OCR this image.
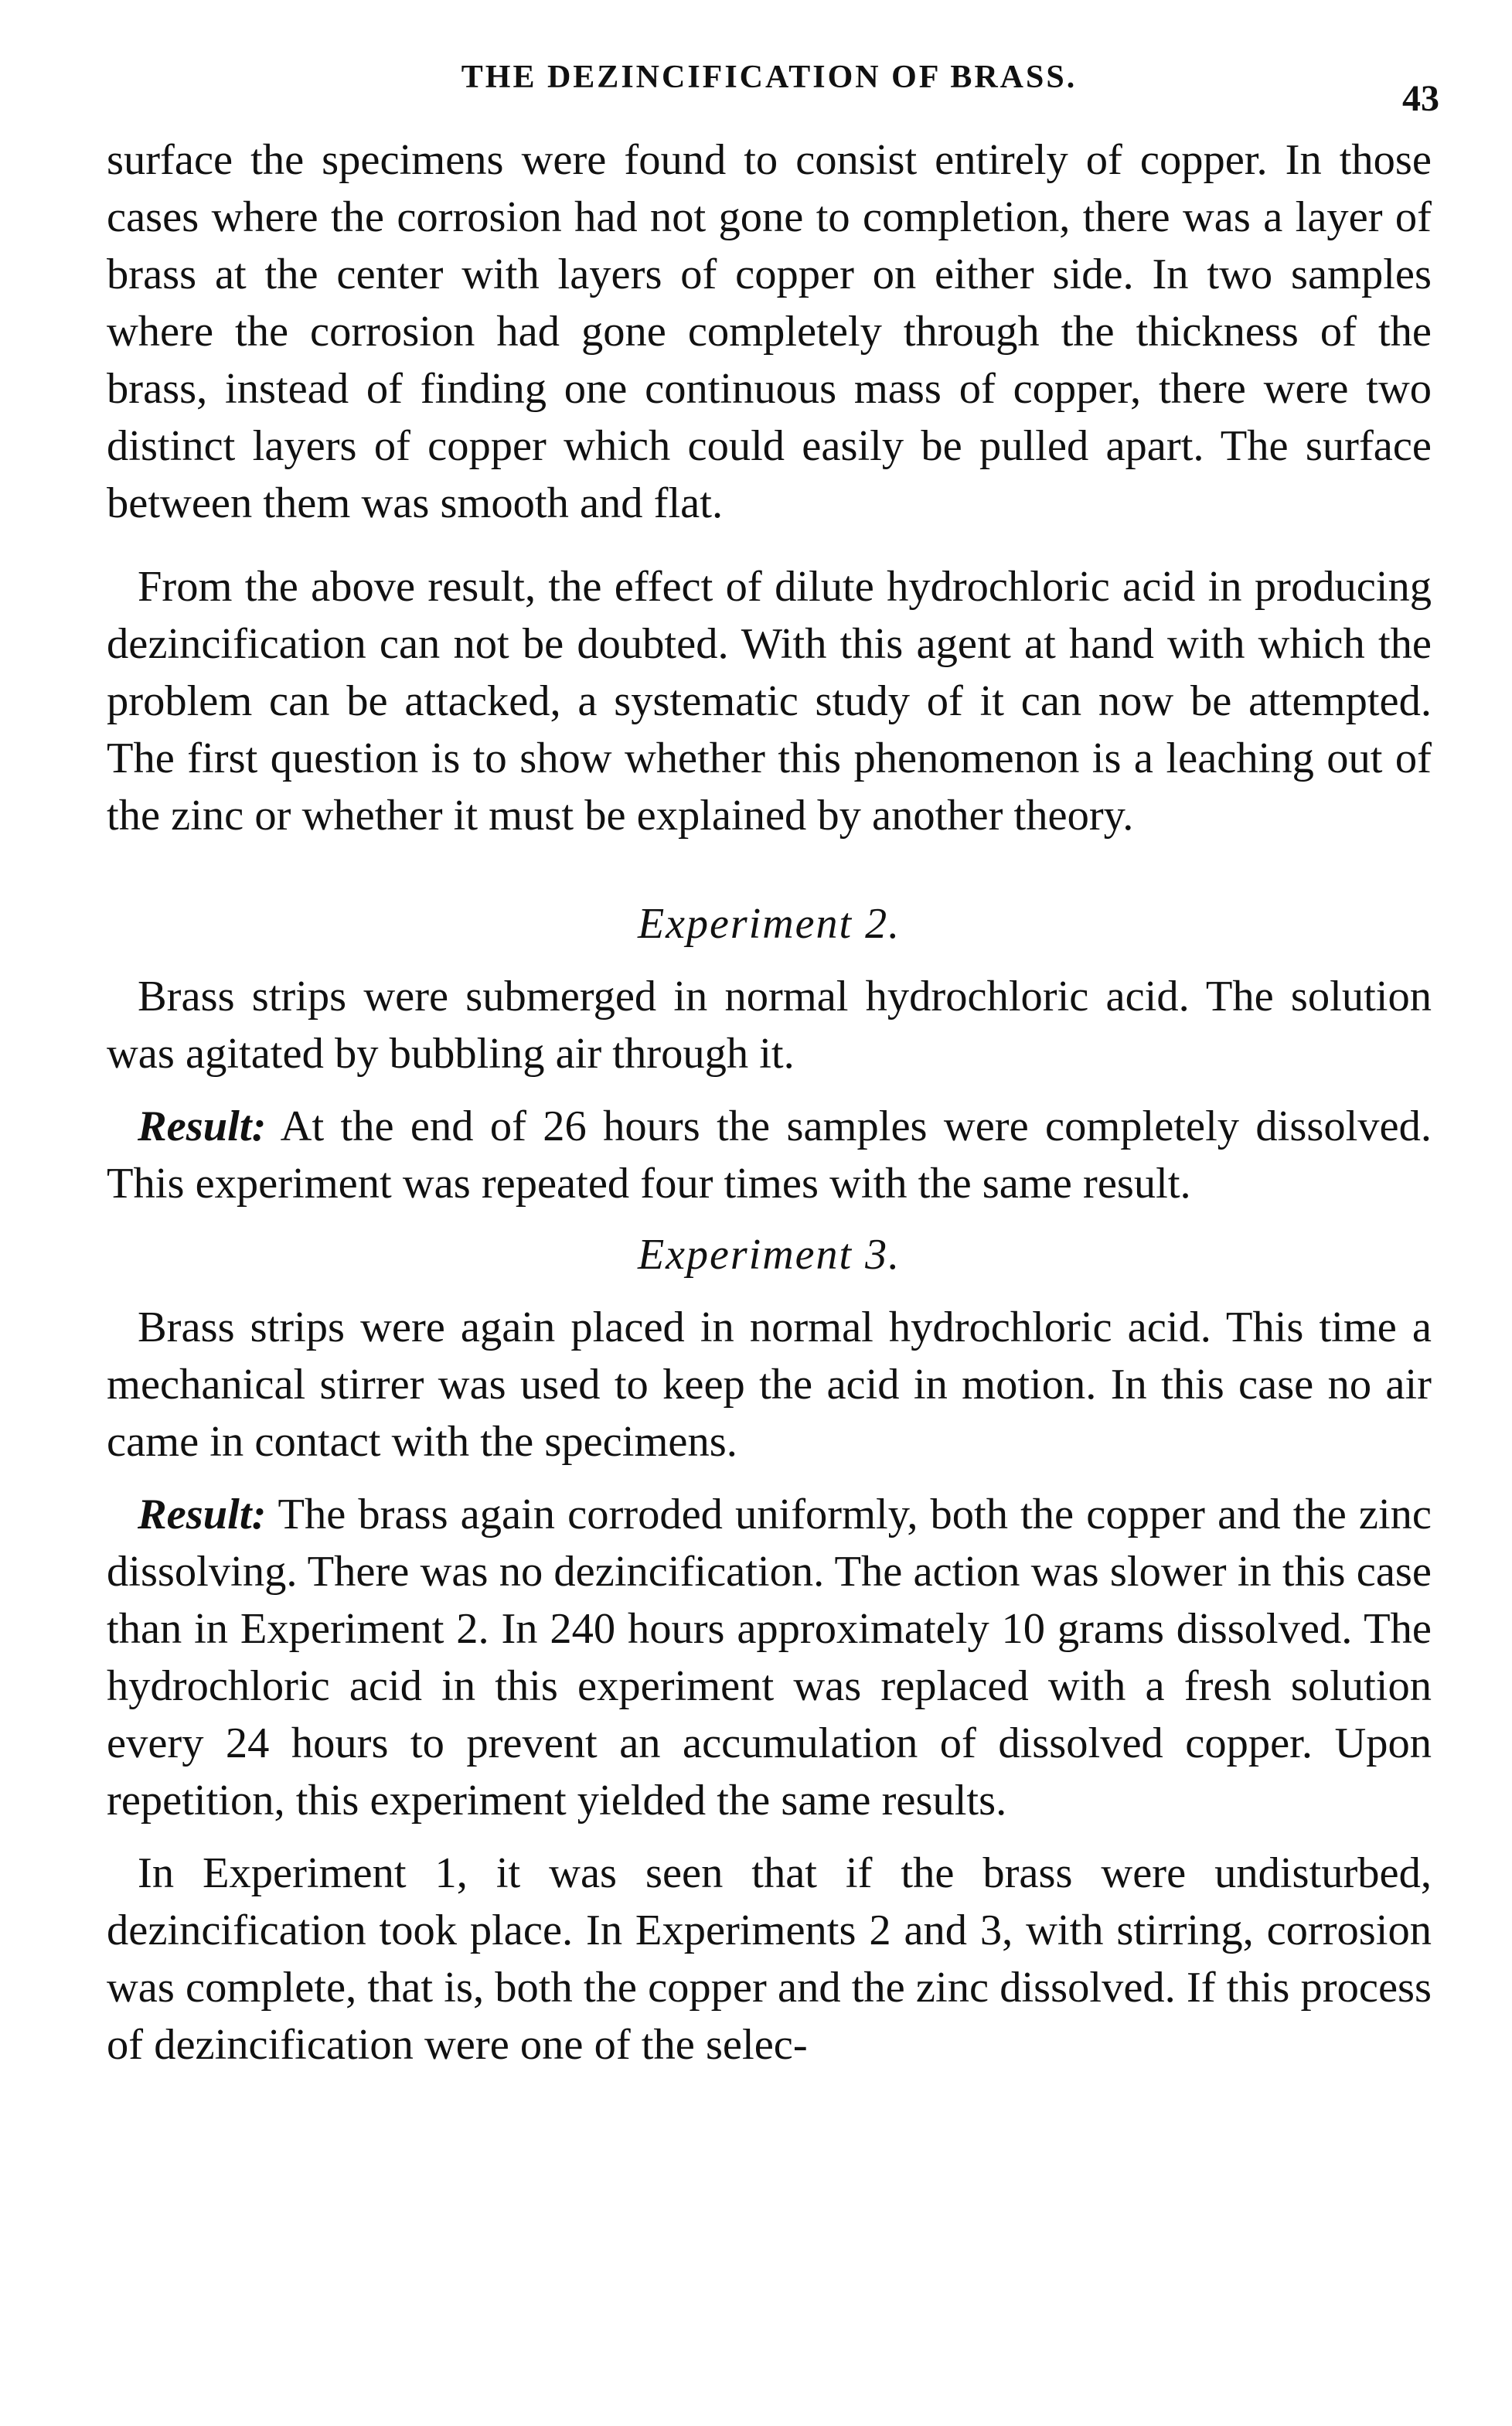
THE DEZINCIFICATION OF BRASS.
43

surface the specimens were found to consist entirely of copper. In those cases where the corrosion had not gone to completion, there was a layer of brass at the center with layers of copper on either side. In two samples where the corrosion had gone completely through the thickness of the brass, instead of finding one continuous mass of copper, there were two distinct layers of copper which could easily be pulled apart. The surface between them was smooth and flat.

From the above result, the effect of dilute hydrochloric acid in producing dezincification can not be doubted. With this agent at hand with which the problem can be attacked, a systematic study of it can now be attempted. The first question is to show whether this phenomenon is a leaching out of the zinc or whether it must be explained by another theory.

Experiment 2.

Brass strips were submerged in normal hydrochloric acid. The solution was agitated by bubbling air through it.

Result: At the end of 26 hours the samples were completely dissolved. This experiment was repeated four times with the same result.

Experiment 3.

Brass strips were again placed in normal hydrochloric acid. This time a mechanical stirrer was used to keep the acid in motion. In this case no air came in contact with the specimens.

Result: The brass again corroded uniformly, both the copper and the zinc dissolving. There was no dezincification. The action was slower in this case than in Experiment 2. In 240 hours approximately 10 grams dissolved. The hydrochloric acid in this experiment was replaced with a fresh solution every 24 hours to prevent an accumulation of dissolved copper. Upon repetition, this experiment yielded the same results.

In Experiment 1, it was seen that if the brass were undisturbed, dezincification took place. In Experiments 2 and 3, with stirring, corrosion was complete, that is, both the copper and the zinc dissolved. If this process of dezincification were one of the selec-
